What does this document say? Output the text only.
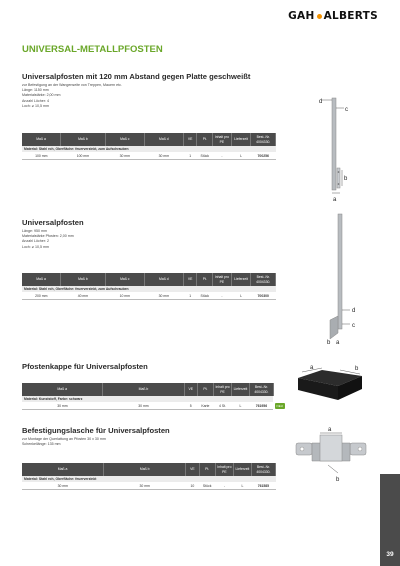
GAH ALBERTS
UNIVERSAL-METALLPFOSTEN
Universalpfosten mit 120 mm Abstand gegen Platte geschweißt
zur Befestigung an der Wangenseite von Treppen, Mauern etc.
Länge: 1150 mm
Materialstärke: 2,00 mm
Anzahl Löcher: 4
Loch: ⌀ 10,5 mm
Maß a	Maß b	Maß c	Maß d	VE	Pt.	Inhalt pro PE	Lieferzeit	Best.-Nr. 4004330.
Material: Stahl roh, Oberfläche: feuerverzinkt, zum Aufschrauben								
100 mm	100 mm	30 mm	30 mm	1	Stück	-	L	700256
d
c
b
a
Universalpfosten
Länge: 950 mm
Materialstärke Pfosten: 2,00 mm
Anzahl Löcher: 2
Loch: ⌀ 10,5 mm
Maß a	Maß b	Maß c	Maß d	VE	Pt.	Inhalt pro PE	Lieferzeit	Best.-Nr. 4004330.
Material: Stahl roh, Oberfläche: feuerverzinkt, zum Aufschrauben								
200 mm	40 mm	10 mm	30 mm	1	Stück	-	L	700300
d
c
b a
Pfostenkappe für Universalpfosten
Maß a	Maß b	VE	Pt.	Inhalt pro PE	Lieferzeit	Best.-Nr. 4004330.	
Material: Kunststoff, Farbe: schwarz							
30 mm	30 mm	5	Karte	4 St.	L	761956	NEU
a	b
Befestigungslasche für Universalpfosten
zur Montage der Querlattung an Pfosten 30 x 30 mm
Schenkellänge: 135 mm
Maß a	Maß b	VE	Pt.	Inhalt pro PE	Lieferzeit	Best.-Nr. 4004330.
Material: Stahl roh, Oberfläche: feuerverzinkt						
30 mm	30 mm	10	Stück	-	L	761585
a
b
39
